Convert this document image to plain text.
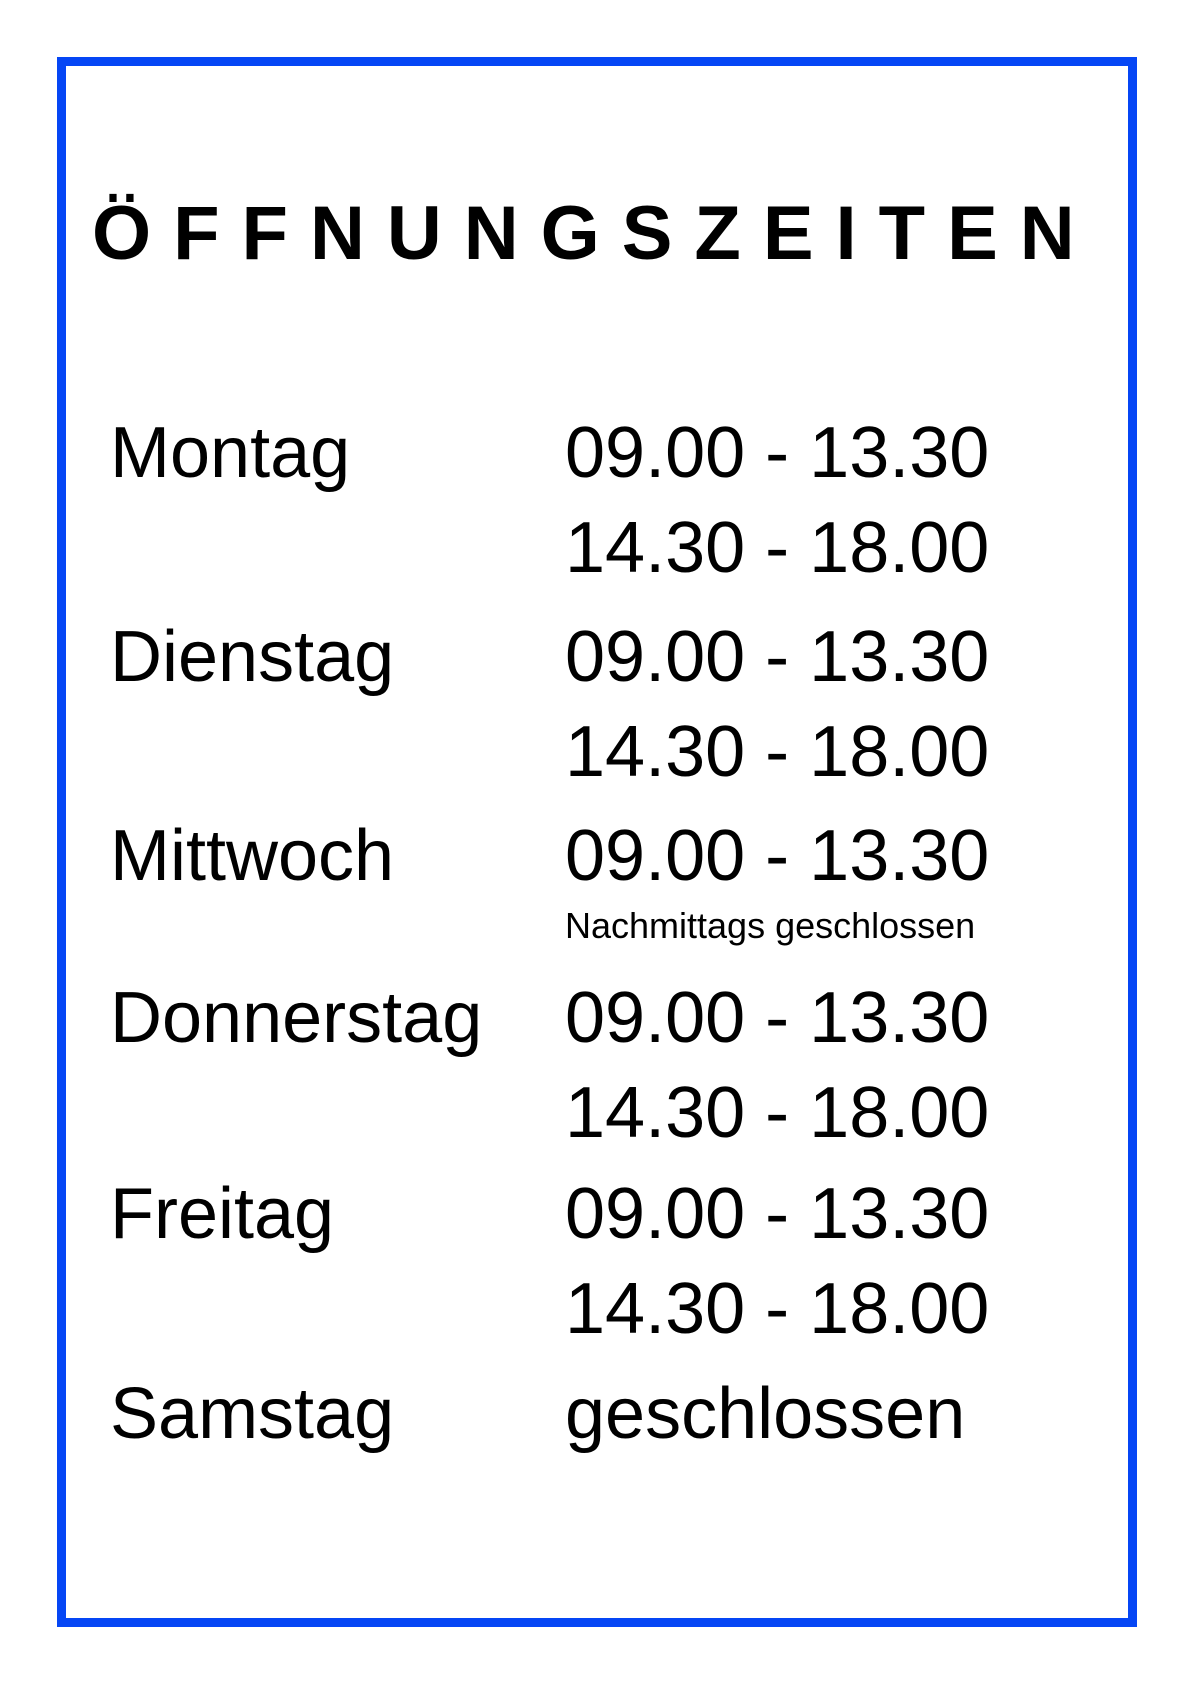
ÖFFNUNGSZEITEN
Montag	09.00 - 13.30
14.30 - 18.00
Dienstag	09.00 - 13.30
14.30 - 18.00
Mittwoch	09.00 - 13.30
Nachmittags geschlossen
Donnerstag	09.00 - 13.30
14.30 - 18.00
Freitag	09.00 - 13.30
14.30 - 18.00
Samstag	geschlossen
